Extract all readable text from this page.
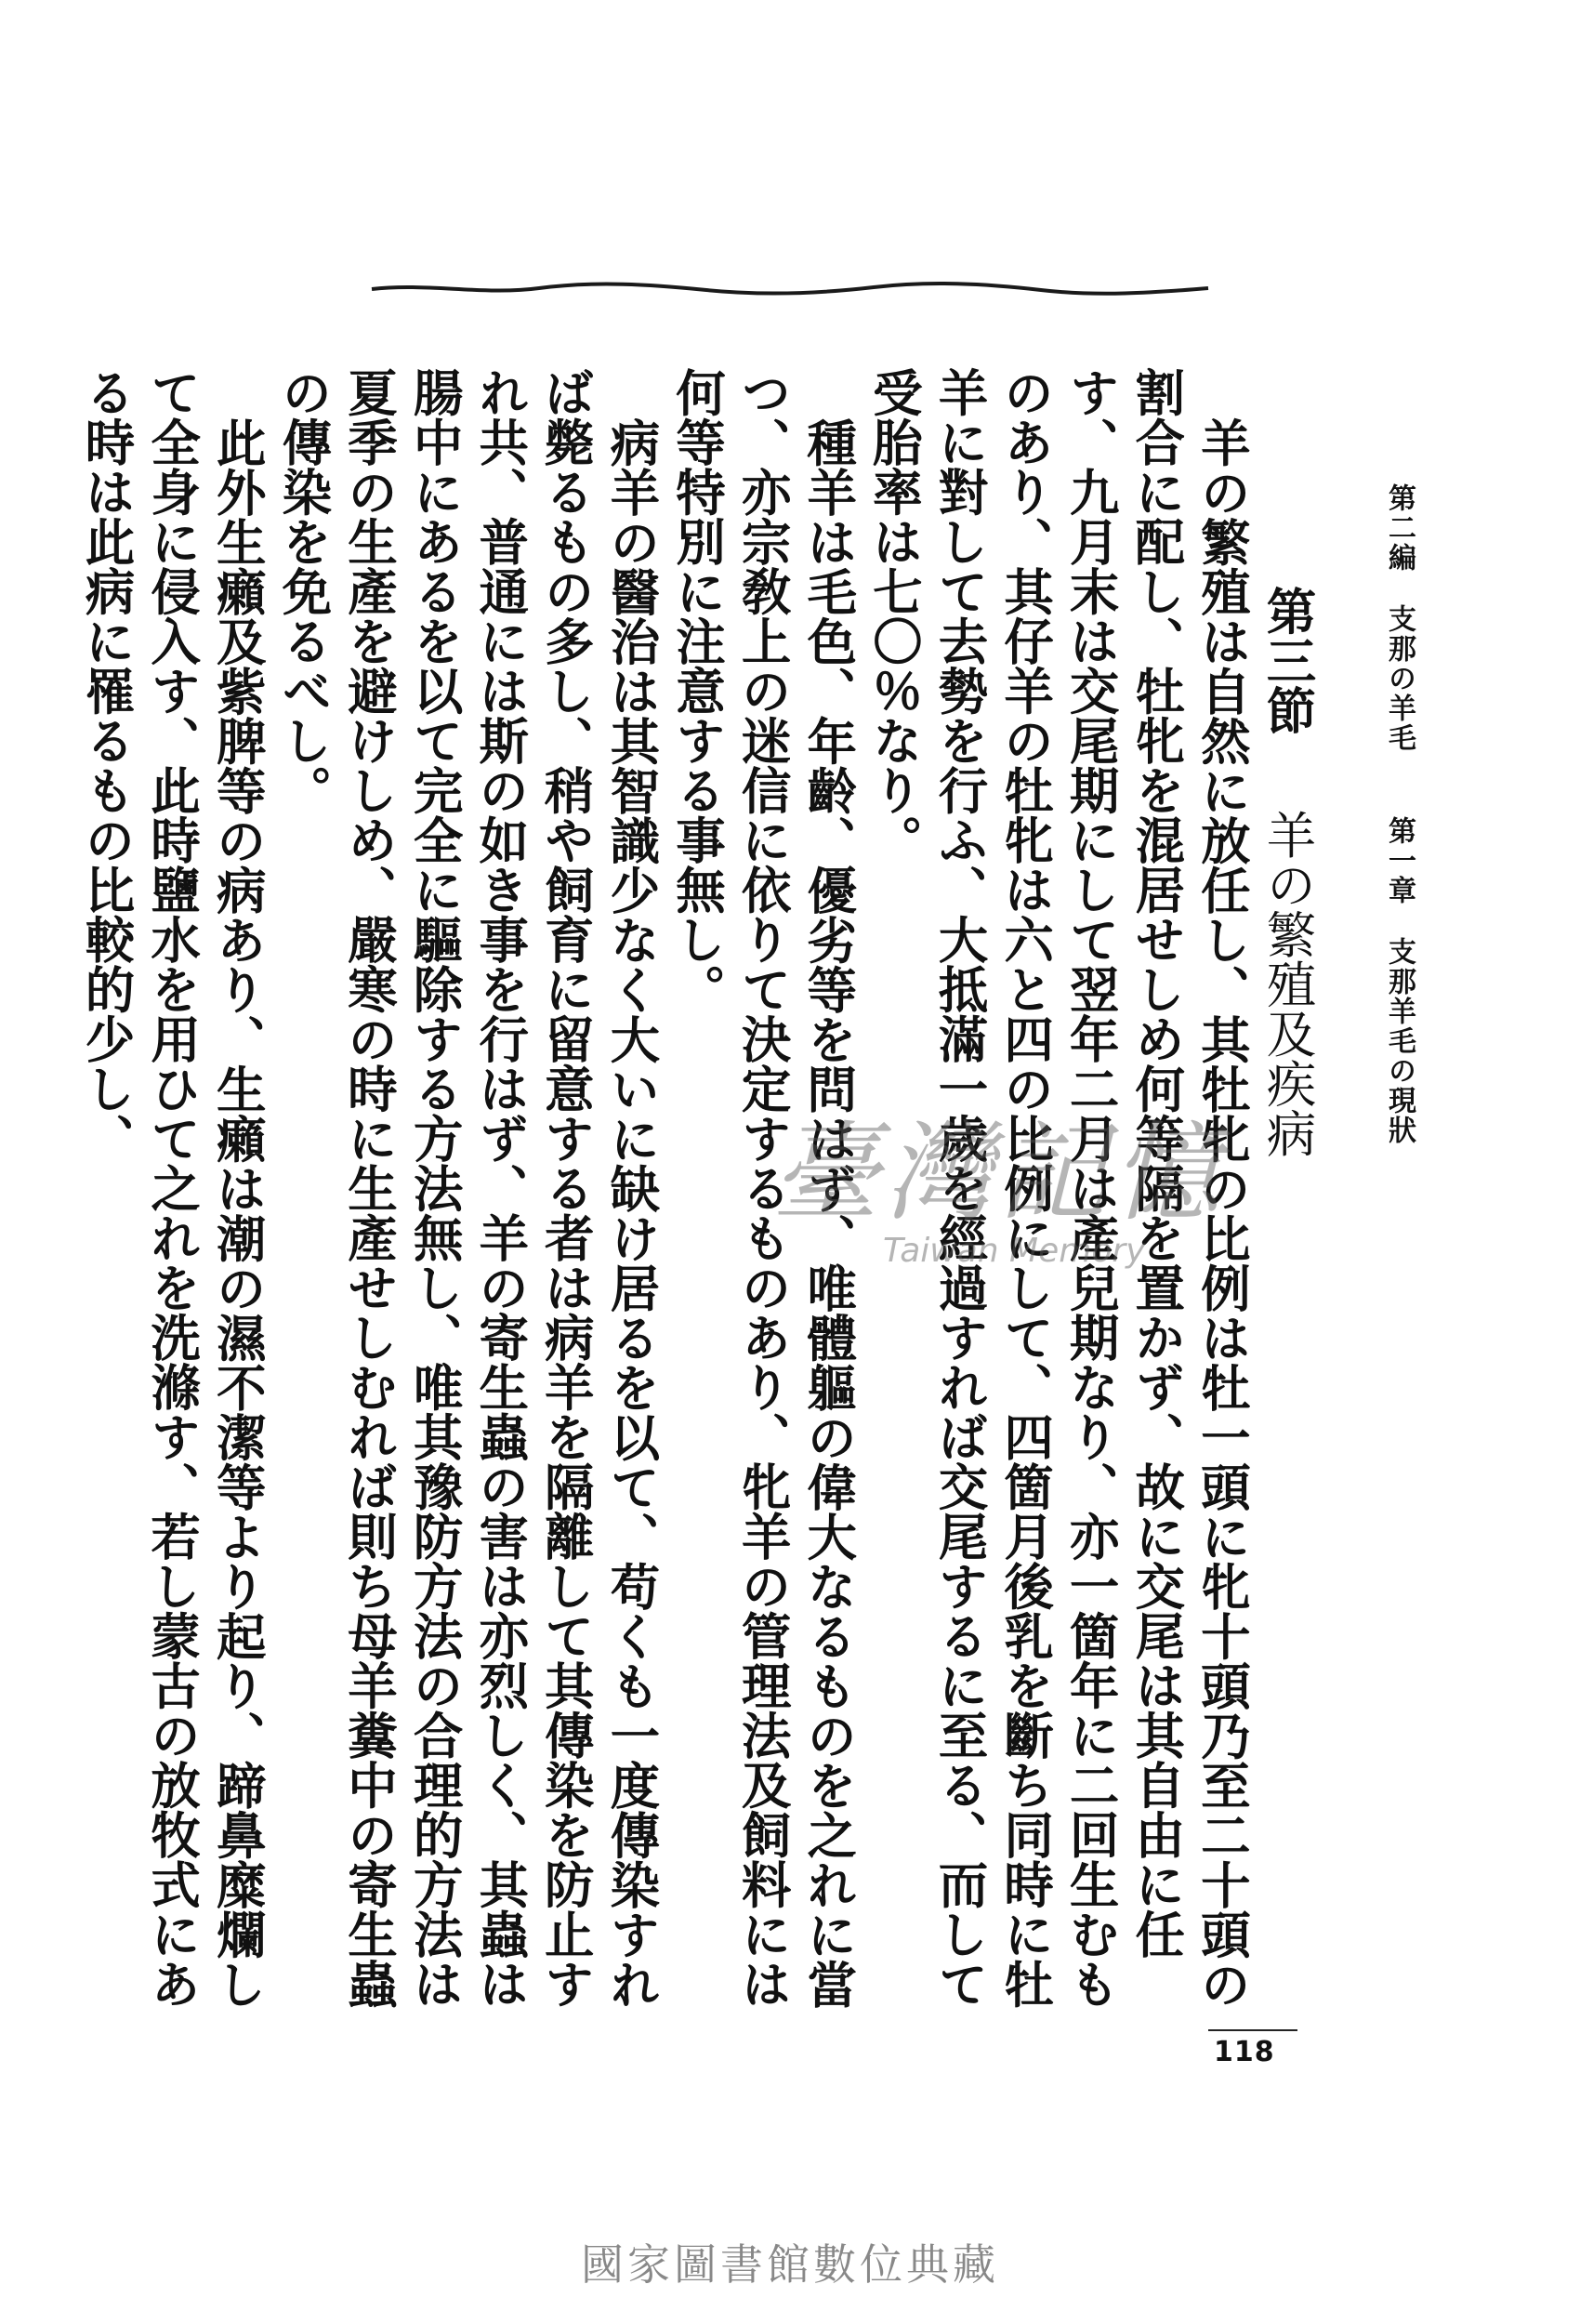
第二編支那の羊毛第一章支那羊毛の現狀
第三節　羊の繁殖及疾病

羊の繁殖は自然に放任し、其牡牝の比例は牡一頭に牝十頭乃至二十頭の割合に配し、牡牝を混居せしめ何等隔を置かず、故に交尾は其自由に任す、九月末は交尾期にして翌年二月は產兒期なり、亦一箇年に二回生むものあり、其仔羊の牡牝は六と四の比例にして、四箇月後乳を斷ち同時に牡羊に對して去勢を行ふ、大抵滿一歲を經過すれば交尾するに至る、而して受胎率は七〇％なり。

種羊は毛色、年齡、優劣等を問はず、唯體軀の偉大なるものを之れに當つ、亦宗敎上の迷信に依りて決定するものあり、牝羊の管理法及飼料には何等特別に注意する事無し。

病羊の醫治は其智識少なく大いに缺け居るを以て、苟くも一度傳染すれば斃るもの多し、稍や飼育に留意する者は病羊を隔離して其傳染を防止すれ共、普通には斯の如き事を行はず、羊の寄生蟲の害は亦烈しく、其蟲は腸中にあるを以て完全に驅除する方法無し、唯其豫防方法の合理的方法は夏季の生產を避けしめ、嚴寒の時に生產せしむれば則ち母羊糞中の寄生蟲の傳染を免るべし。

此外生癩及紫脾等の病あり、生癩は潮の濕不潔等より起り、蹄鼻糜爛して全身に侵入す、此時鹽水を用ひて之れを洗滌す、若し蒙古の放牧式にある時は此病に罹るもの比較的少し、

臺灣記憶
Taiwan Memory
118
國家圖書館數位典藏
